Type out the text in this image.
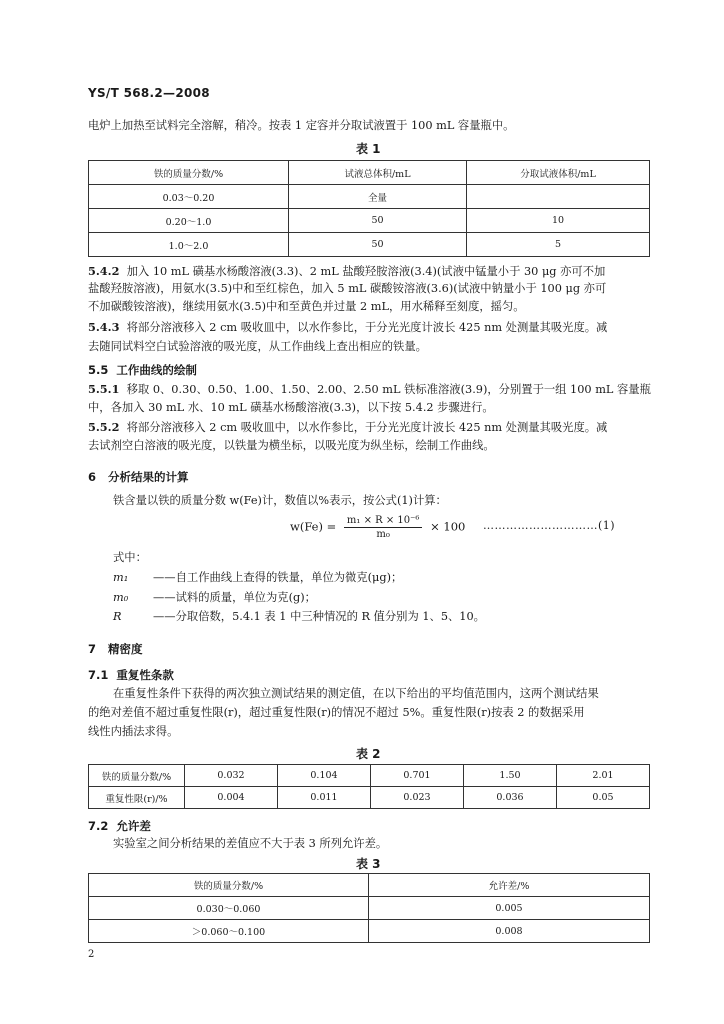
YS/T 568.2—2008
电炉上加热至试料完全溶解，稍冷。按表 1 定容并分取试液置于 100 mL 容量瓶中。
表 1
铁的质量分数/%	试液总体积/mL	分取试液体积/mL
0.03～0.20	全量	
0.20～1.0	50	10
1.0～2.0	50	5
5.4.2 加入 10 mL 磺基水杨酸溶液(3.3)、2 mL 盐酸羟胺溶液(3.4)(试液中锰量小于 30 μg 亦可不加
盐酸羟胺溶液)，用氨水(3.5)中和至红棕色，加入 5 mL 碳酸铵溶液(3.6)(试液中钠量小于 100 μg 亦可
不加碳酸铵溶液)，继续用氨水(3.5)中和至黄色并过量 2 mL，用水稀释至刻度，摇匀。
5.4.3 将部分溶液移入 2 cm 吸收皿中，以水作参比，于分光光度计波长 425 nm 处测量其吸光度。减
去随同试料空白试验溶液的吸光度，从工作曲线上查出相应的铁量。
5.5 工作曲线的绘制
5.5.1 移取 0、0.30、0.50、1.00、1.50、2.00、2.50 mL 铁标准溶液(3.9)，分别置于一组 100 mL 容量瓶
中，各加入 30 mL 水、10 mL 磺基水杨酸溶液(3.3)，以下按 5.4.2 步骤进行。
5.5.2 将部分溶液移入 2 cm 吸收皿中，以水作参比，于分光光度计波长 425 nm 处测量其吸光度。减
去试剂空白溶液的吸光度，以铁量为横坐标，以吸光度为纵坐标，绘制工作曲线。
6 分析结果的计算
铁含量以铁的质量分数 w(Fe)计，数值以%表示，按公式(1)计算：
$w(Fe) = \frac{\text{m₁ × R × 10⁻⁶}}{\text{m₀}} \times 100$ …………………………(1)
式中：
m₁ ——自工作曲线上查得的铁量，单位为微克(μg)；
m₀ ——试料的质量，单位为克(g)；
R	——分取倍数，5.4.1 表 1 中三种情况的 R 值分别为 1、5、10。
7 精密度
7.1 重复性条款
在重复性条件下获得的两次独立测试结果的测定值，在以下给出的平均值范围内，这两个测试结果
的绝对差值不超过重复性限(r)，超过重复性限(r)的情况不超过 5%。重复性限(r)按表 2 的数据采用
线性内插法求得。
表 2
铁的质量分数/%	0.032	0.104	0.701	1.50	2.01
重复性限(r)/%	0.004	0.011	0.023	0.036	0.05
7.2 允许差
实验室之间分析结果的差值应不大于表 3 所列允许差。
表 3
铁的质量分数/%	允许差/%
0.030～0.060	0.005
＞0.060～0.100	0.008
2
